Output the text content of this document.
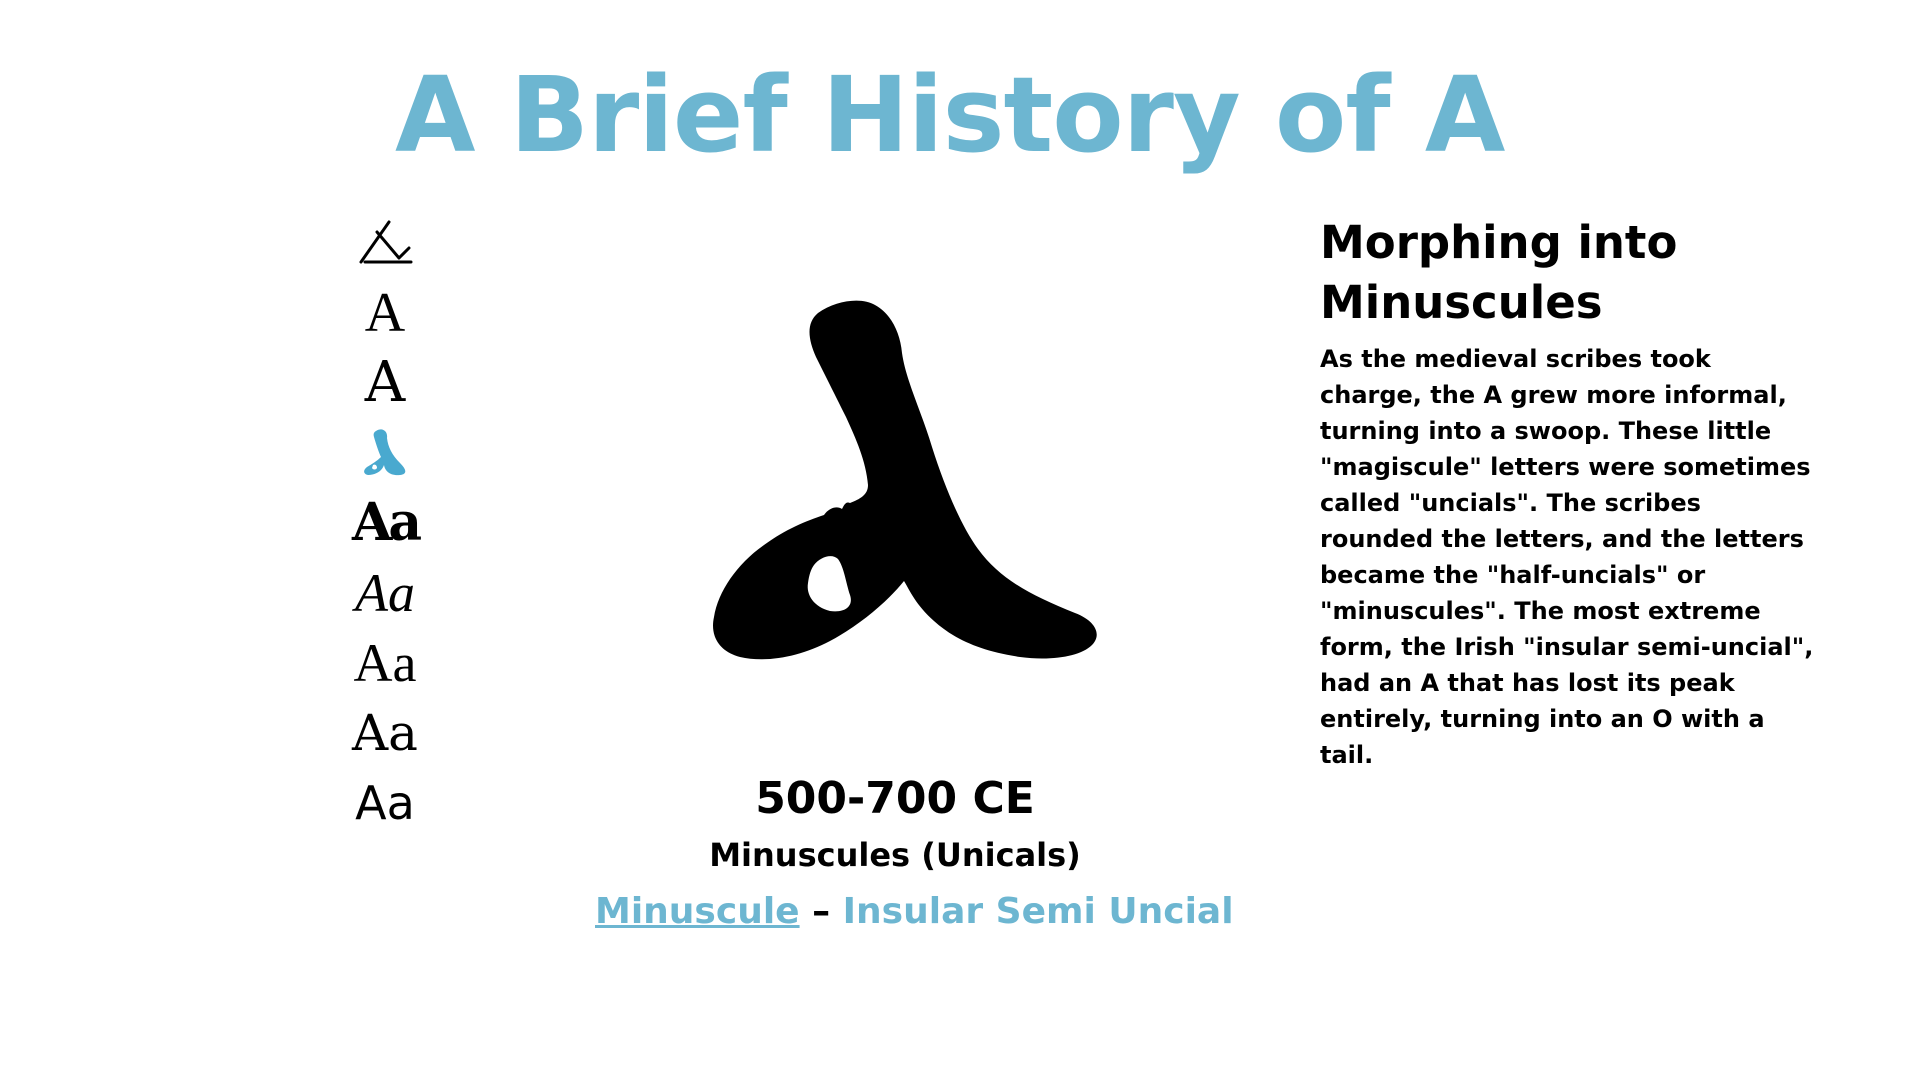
A Brief History of A
A
A
Aa
Aa
Aa
Aa
Aa	500-700 CE
Minuscules (Unicals)
Minuscule – Insular Semi Uncial
Morphing into Minuscules

As the medieval scribes took charge, the A grew more informal, turning into a swoop. These little "magiscule" letters were sometimes called "uncials". The scribes rounded the letters, and the letters became the "half-uncials" or "minuscules". The most extreme form, the Irish "insular semi-uncial", had an A that has lost its peak entirely, turning into an O with a tail.
